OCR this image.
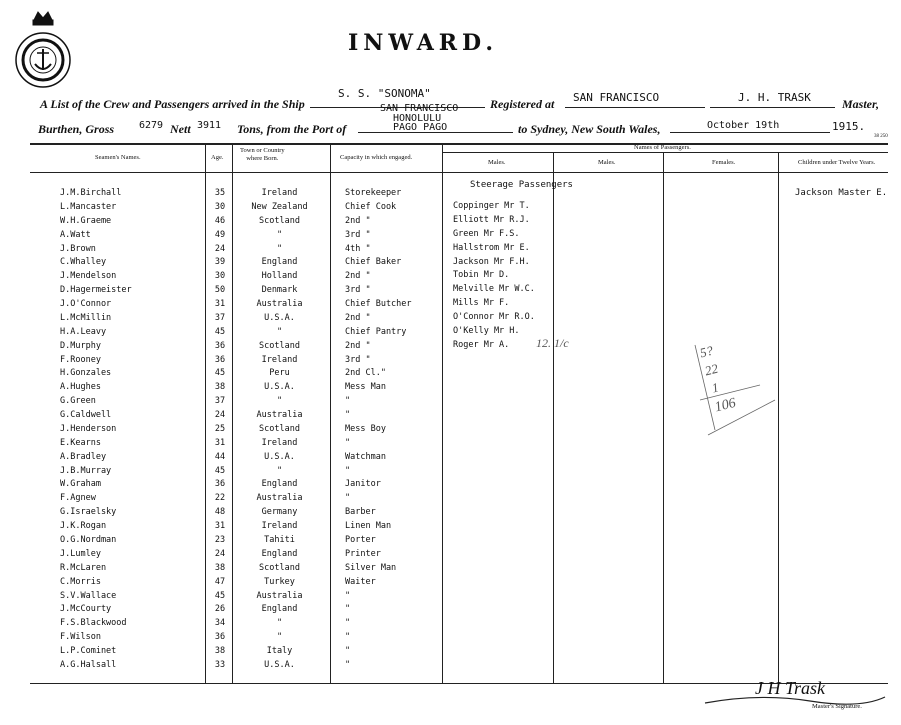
INWARD.
A List of the Crew and Passengers arrived in the Ship
S. S. "SONOMA"
Registered at SAN FRANCISCO	J. H. TRASK	Master,
Burthen, Gross 6279 Nett 3911 Tons, from the Port of
SAN FRANCISCO
HONOLULU
PAGO PAGO	to Sydney, New South Wales,	October 19th	1915.
38 250
Seamen's Names.	Age.
Town or Country
where Born.	Capacity in which engaged.
Names of Passengers.
Males.	Males.	Females.	Children under Twelve Years.
J.M.Birchall	35	Ireland	Storekeeper
L.Mancaster	30	New Zealand	Chief Cook
W.H.Graeme	46	Scotland	2nd "
A.Watt	49	"	3rd "
J.Brown	24	"	4th "
C.Whalley	39	England	Chief Baker
J.Mendelson	30	Holland	2nd "
D.Hagermeister	50	Denmark	3rd "
J.O'Connor	31	Australia	Chief Butcher
L.McMillin	37	U.S.A.	2nd "
H.A.Leavy	45	"	Chief Pantry
D.Murphy	36	Scotland	2nd "
F.Rooney	36	Ireland	3rd "
H.Gonzales	45	Peru	2nd Cl."
A.Hughes	38	U.S.A.	Mess Man
G.Green	37	"	"
G.Caldwell	24	Australia	"
J.Henderson	25	Scotland	Mess Boy
E.Kearns	31	Ireland	"
A.Bradley	44	U.S.A.	Watchman
J.B.Murray	45	"	"
W.Graham	36	England	Janitor
F.Agnew	22	Australia	"
G.Israelsky	48	Germany	Barber
J.K.Rogan	31	Ireland	Linen Man
O.G.Nordman	23	Tahiti	Porter
J.Lumley	24	England	Printer
R.McLaren	38	Scotland	Silver Man
C.Morris	47	Turkey	Waiter
S.V.Wallace	45	Australia	"
J.McCourty	26	England	"
F.S.Blackwood	34	"	"
F.Wilson	36	"	"
L.P.Cominet	38	Italy	"
A.G.Halsall	33	U.S.A.	"
Steerage Passengers
Coppinger Mr T.
Elliott Mr R.J.
Green Mr F.S.
Hallstrom Mr E.
Jackson Mr F.H.
Tobin Mr D.
Melville Mr W.C.
Mills Mr F.
O'Connor Mr R.O.
O'Kelly Mr H.
Roger Mr A.
Jackson Master E.
12. 1/c	5?
22
1
106
J H Trask
Master's Signature.
